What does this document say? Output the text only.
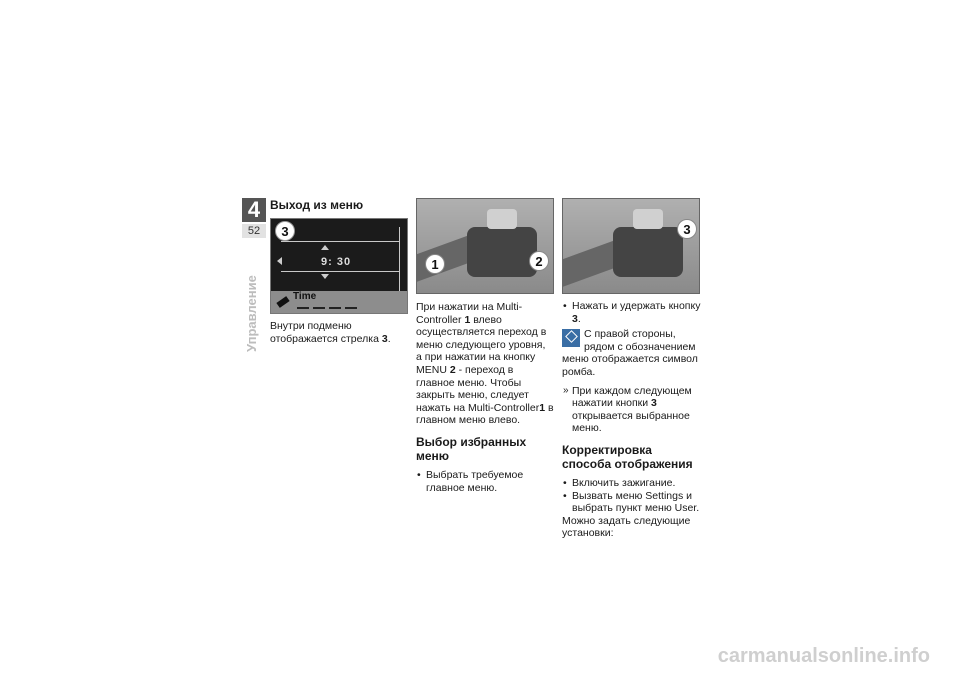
4
52
Управление
Выход из меню
9: 30
3
Time

Внутри подменю отображается стрелка 3.

1	2

При нажатии на Multi-Controller 1 влево осуществляется переход в меню следующего уровня, а при нажатии на кнопку MENU 2 - переход в главное меню. Чтобы закрыть меню, следует нажать на Multi-Controller1 в главном меню влево.

Выбор избранных меню
• Выбрать требуемое главное меню.
3
• Нажать и удержать кнопку 3.
С правой стороны, рядом с обозначением меню отображается символ ромба.
» При каждом следующем нажатии кнопки 3 открывается выбранное меню.
Корректировка способа отображения
• Включить зажигание.
• Вызвать меню Settings и выбрать пункт меню User.

Можно задать следующие установки:

carmanualsonline.info
